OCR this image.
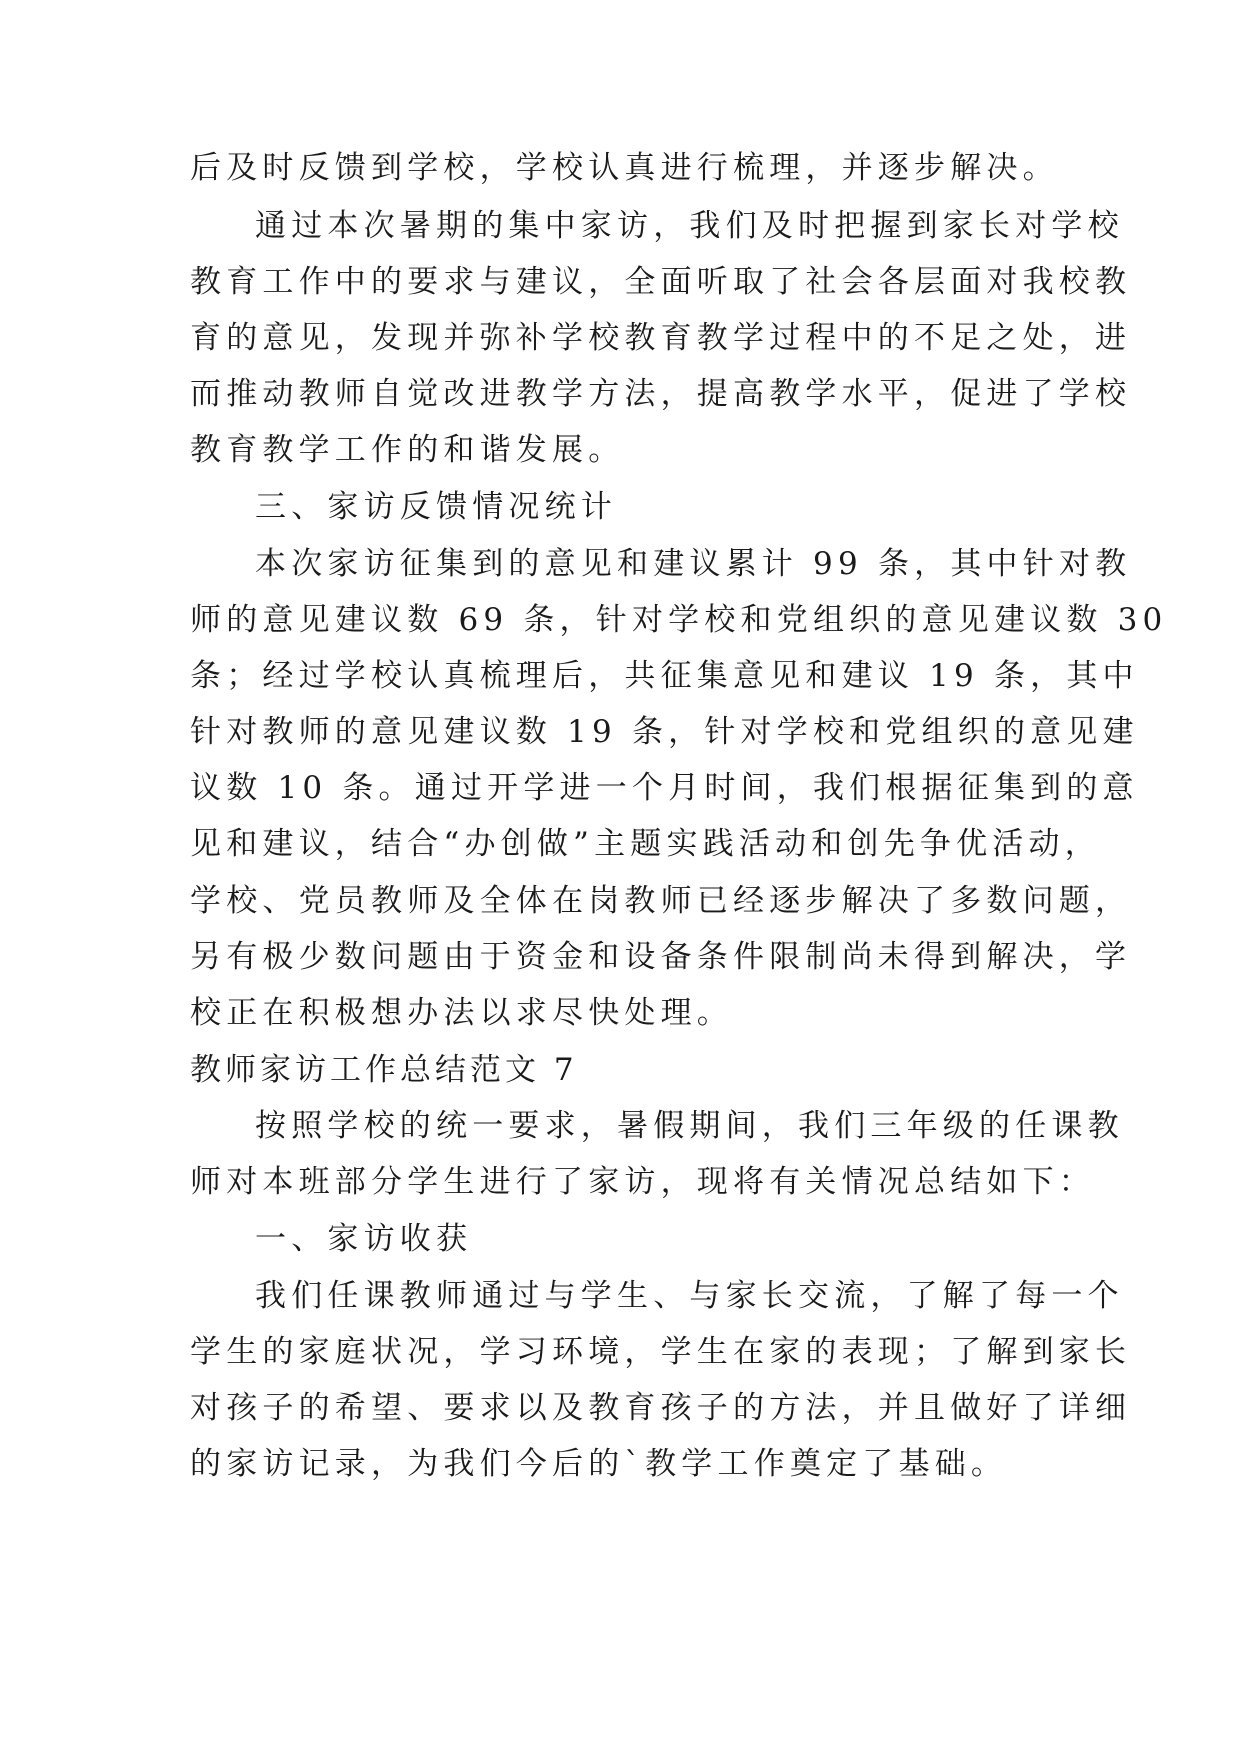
后及时反馈到学校，学校认真进行梳理，并逐步解决。
通过本次暑期的集中家访，我们及时把握到家长对学校
教育工作中的要求与建议，全面听取了社会各层面对我校教
育的意见，发现并弥补学校教育教学过程中的不足之处，进
而推动教师自觉改进教学方法，提高教学水平，促进了学校
教育教学工作的和谐发展。
三、家访反馈情况统计
本次家访征集到的意见和建议累计 99 条，其中针对教
师的意见建议数 69 条，针对学校和党组织的意见建议数 30
条；经过学校认真梳理后，共征集意见和建议 19 条，其中
针对教师的意见建议数 19 条，针对学校和党组织的意见建
议数 10 条。通过开学进一个月时间，我们根据征集到的意
见和建议，结合“办创做”主题实践活动和创先争优活动，
学校、党员教师及全体在岗教师已经逐步解决了多数问题，
另有极少数问题由于资金和设备条件限制尚未得到解决，学
校正在积极想办法以求尽快处理。
教师家访工作总结范文 7
按照学校的统一要求，暑假期间，我们三年级的任课教
师对本班部分学生进行了家访，现将有关情况总结如下：
一、家访收获
我们任课教师通过与学生、与家长交流，了解了每一个
学生的家庭状况，学习环境，学生在家的表现；了解到家长
对孩子的希望、要求以及教育孩子的方法，并且做好了详细
的家访记录，为我们今后的`教学工作奠定了基础。
